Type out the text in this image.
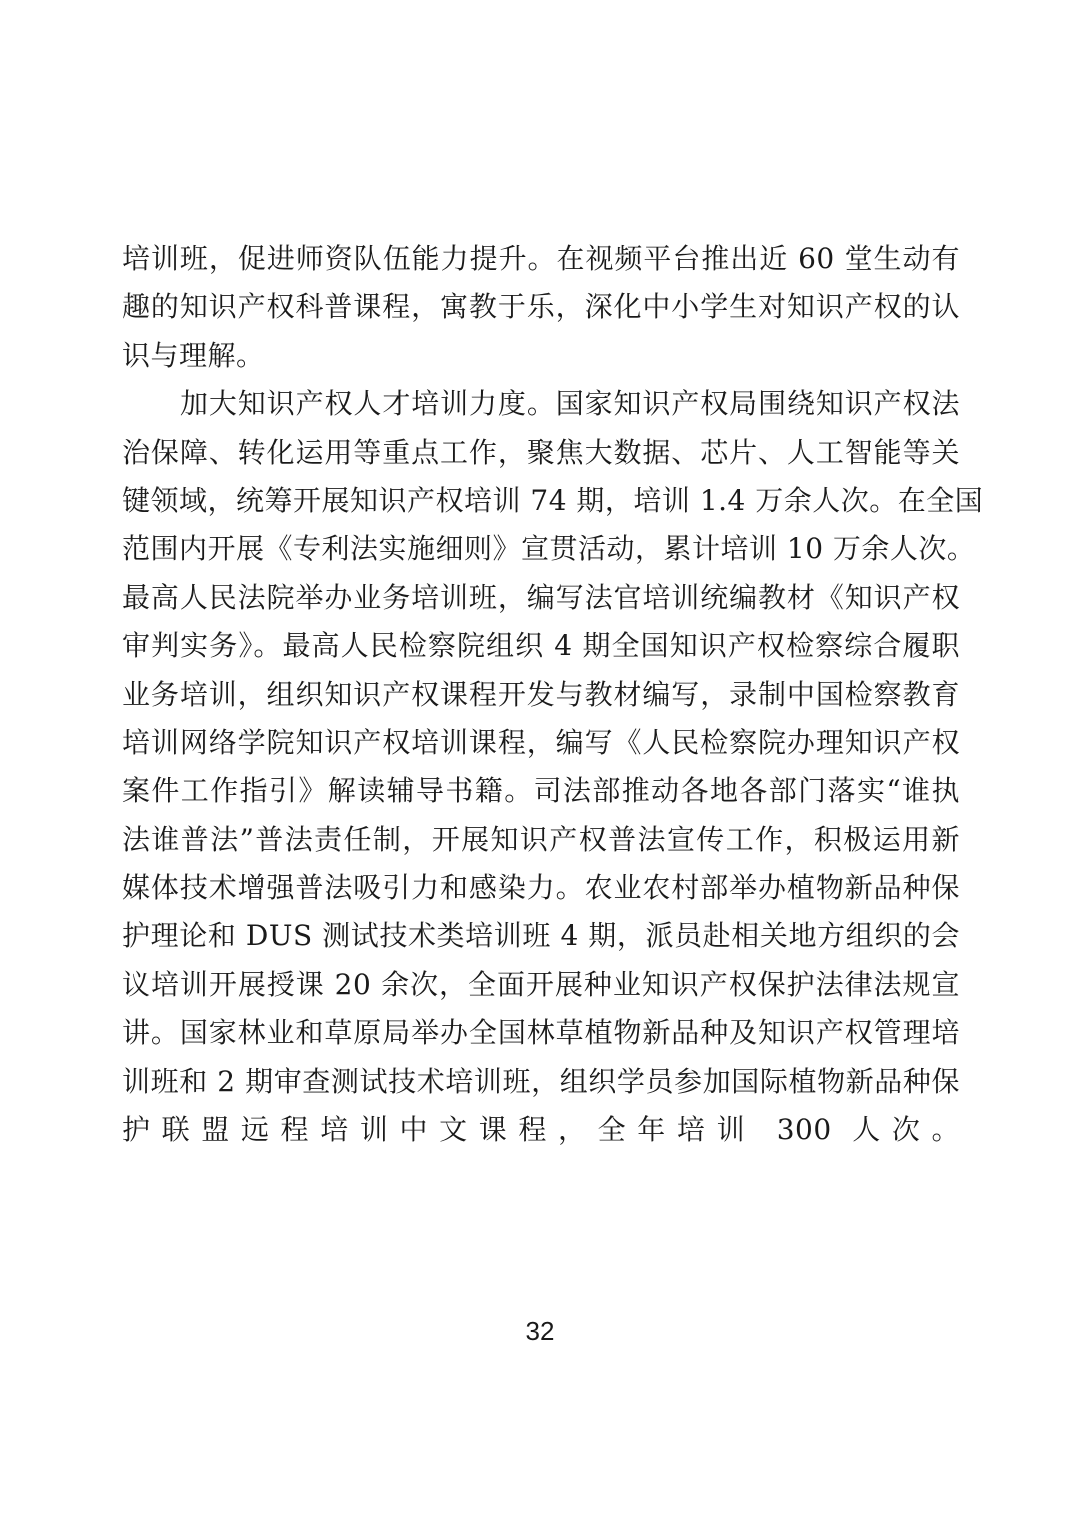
培训班，促进师资队伍能力提升。在视频平台推出近 60 堂生动有
趣的知识产权科普课程，寓教于乐，深化中小学生对知识产权的认
识与理解。
加大知识产权人才培训力度。国家知识产权局围绕知识产权法
治保障、转化运用等重点工作，聚焦大数据、芯片、人工智能等关
键领域，统筹开展知识产权培训 74 期，培训 1.4 万余人次。在全国
范围内开展《专利法实施细则》宣贯活动，累计培训 10 万余人次。
最高人民法院举办业务培训班，编写法官培训统编教材《知识产权
审判实务》。最高人民检察院组织 4 期全国知识产权检察综合履职
业务培训，组织知识产权课程开发与教材编写，录制中国检察教育
培训网络学院知识产权培训课程，编写《人民检察院办理知识产权
案件工作指引》解读辅导书籍。司法部推动各地各部门落实“谁执
法谁普法”普法责任制，开展知识产权普法宣传工作，积极运用新
媒体技术增强普法吸引力和感染力。农业农村部举办植物新品种保
护理论和 DUS 测试技术类培训班 4 期，派员赴相关地方组织的会
议培训开展授课 20 余次，全面开展种业知识产权保护法律法规宣
讲。国家林业和草原局举办全国林草植物新品种及知识产权管理培
训班和 2 期审查测试技术培训班，组织学员参加国际植物新品种保
护联盟远程培训中文课程，全年培训 300 人次。
32
